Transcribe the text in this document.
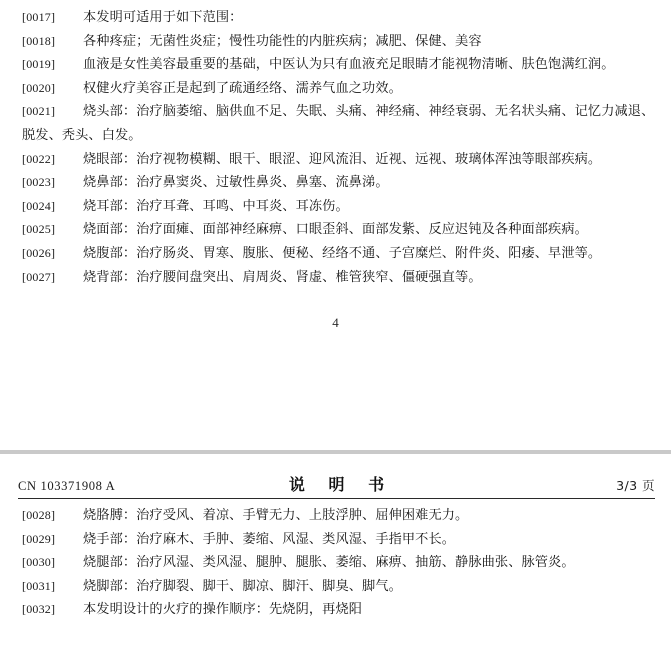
[0017] 本发明可适用于如下范围：

[0018] 各种疼症；无菌性炎症；慢性功能性的内脏疾病；减肥、保健、美容

[0019] 血液是女性美容最重要的基础，中医认为只有血液充足眼睛才能视物清晰、肤色饱满红润。

[0020] 权健火疗美容正是起到了疏通经络、濡养气血之功效。

[0021] 烧头部：治疗脑萎缩、脑供血不足、失眠、头痛、神经痛、神经衰弱、无名状头痛、记忆力减退、脱发、秃头、白发。

[0022] 烧眼部：治疗视物模糊、眼干、眼涩、迎风流泪、近视、远视、玻璃体浑浊等眼部疾病。

[0023] 烧鼻部：治疗鼻窦炎、过敏性鼻炎、鼻塞、流鼻涕。

[0024] 烧耳部：治疗耳聋、耳鸣、中耳炎、耳冻伤。

[0025] 烧面部：治疗面瘫、面部神经麻痹、口眼歪斜、面部发紫、反应迟钝及各种面部疾病。

[0026] 烧腹部：治疗肠炎、胃寒、腹胀、便秘、经络不通、子宫糜烂、附件炎、阳痿、早泄等。

[0027] 烧背部：治疗腰间盘突出、肩周炎、肾虚、椎管狭窄、僵硬强直等。

4
CN 103371908 A	说 明 书	3/3 页

[0028] 烧胳膊：治疗受风、着凉、手臂无力、上肢浮肿、屈伸困难无力。

[0029] 烧手部：治疗麻木、手肿、萎缩、风湿、类风湿、手指甲不长。

[0030] 烧腿部：治疗风湿、类风湿、腿肿、腿胀、萎缩、麻痹、抽筋、静脉曲张、脉管炎。

[0031] 烧脚部：治疗脚裂、脚干、脚凉、脚汗、脚臭、脚气。

[0032] 本发明设计的火疗的操作顺序：先烧阴，再烧阳
